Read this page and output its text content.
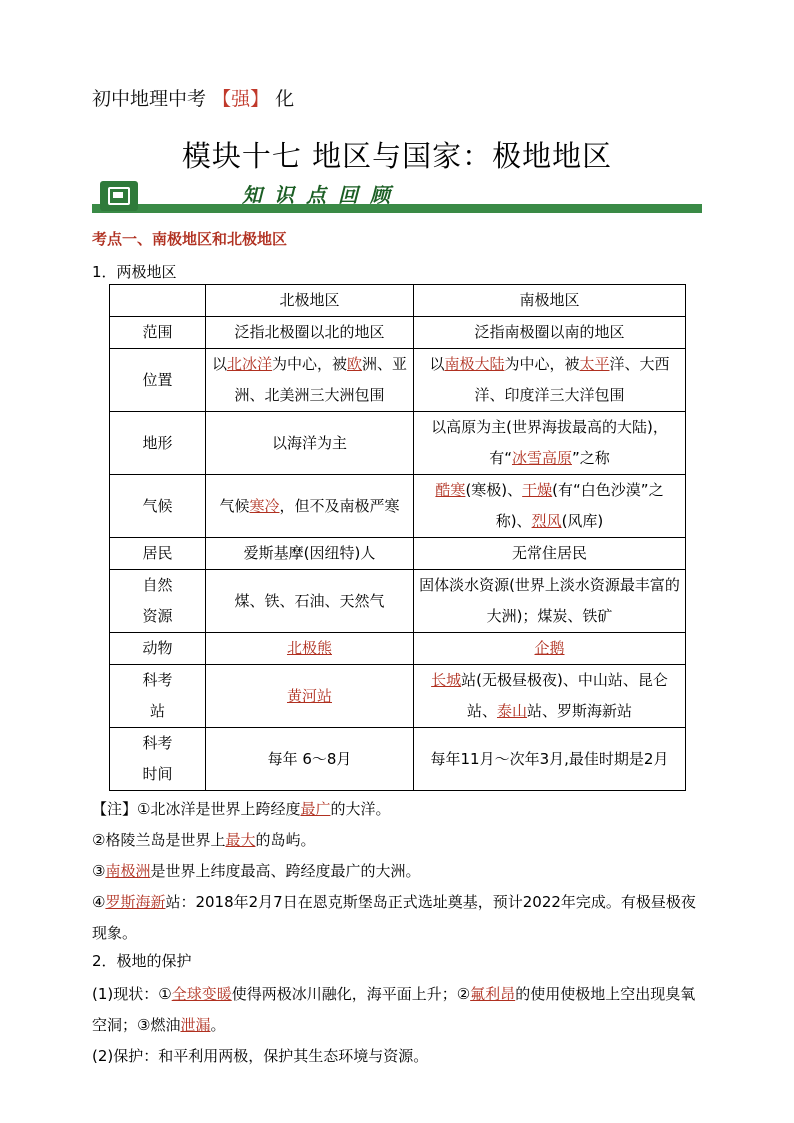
初中地理中考 【强】 化
模块十七 地区与国家：极地地区
知识点回顾
考点一、南极地区和北极地区
1．两极地区
	北极地区	南极地区
范围	泛指北极圈以北的地区	泛指南极圈以南的地区
位置	以北冰洋为中心，被欧洲、亚洲、北美洲三大洲包围	以南极大陆为中心，被太平洋、大西洋、印度洋三大洋包围
地形	以海洋为主	以高原为主(世界海拔最高的大陆)，有“冰雪高原”之称
气候	气候寒冷，但不及南极严寒	酷寒(寒极)、干燥(有“白色沙漠”之称)、烈风(风库)
居民	爱斯基摩(因纽特)人	无常住居民
自然资源	煤、铁、石油、天然气	固体淡水资源(世界上淡水资源最丰富的大洲)；煤炭、铁矿
动物	北极熊	企鹅
科考站	黄河站	长城站(无极昼极夜)、中山站、昆仑站、泰山站、罗斯海新站
科考时间	每年 6～8月	每年11月～次年3月,最佳时期是2月
【注】①北冰洋是世界上跨经度最广的大洋。
②格陵兰岛是世界上最大的岛屿。
③南极洲是世界上纬度最高、跨经度最广的大洲。
④罗斯海新站：2018年2月7日在恩克斯堡岛正式选址奠基，预计2022年完成。有极昼极夜现象。
2．极地的保护
(1)现状：①全球变暖使得两极冰川融化，海平面上升；②氟利昂的使用使极地上空出现臭氧空洞；③燃油泄漏。
(2)保护：和平利用两极，保护其生态环境与资源。
